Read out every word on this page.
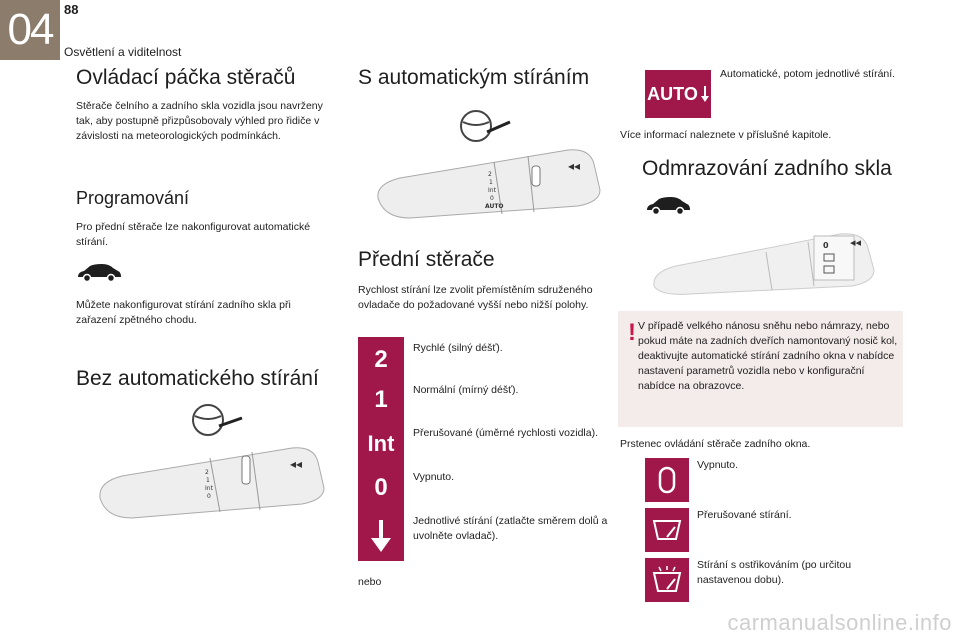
04 88
Osvětlení a viditelnost
Ovládací páčka stěračů

Stěrače čelního a zadního skla vozidla jsou navrženy tak, aby postupně přizpůsobovaly výhled pro řidiče v závislosti na meteorologických podmínkách.

Programování

Pro přední stěrače lze nakonfigurovat automatické stírání.

Můžete nakonfigurovat stírání zadního skla při zařazení zpětného chodu.

Bez automatického stírání
◂◂
2
1
Int
0
S automatickým stíráním
◂◂
2
1
Int
0
AUTO
Přední stěrače

Rychlost stírání lze zvolit přemístěním sdruženého ovladače do požadované vyšší nebo nižší polohy.

2	Rychlé (silný déšť).

1	Normální (mírný déšť).

Int	Přerušované (úměrné rychlosti vozidla).

0	Vypnuto.

Jednotlivé stírání (zatlačte směrem dolů a uvolněte ovladač).

nebo

AUTO

Automatické, potom jednotlivé stírání.

Více informací naleznete v příslušné kapitole.

Odmrazování zadního skla
0 ◂◂
! V případě velkého nánosu sněhu nebo námrazy, nebo pokud máte na zadních dveřích namontovaný nosič kol, deaktivujte automatické stírání zadního okna v nabídce nastavení parametrů vozidla nebo v konfigurační nabídce na obrazovce.

Prstenec ovládání stěrače zadního okna.

Vypnuto.

Přerušované stírání.

Stírání s ostřikováním (po určitou nastavenou dobu).

carmanualsonline.info
